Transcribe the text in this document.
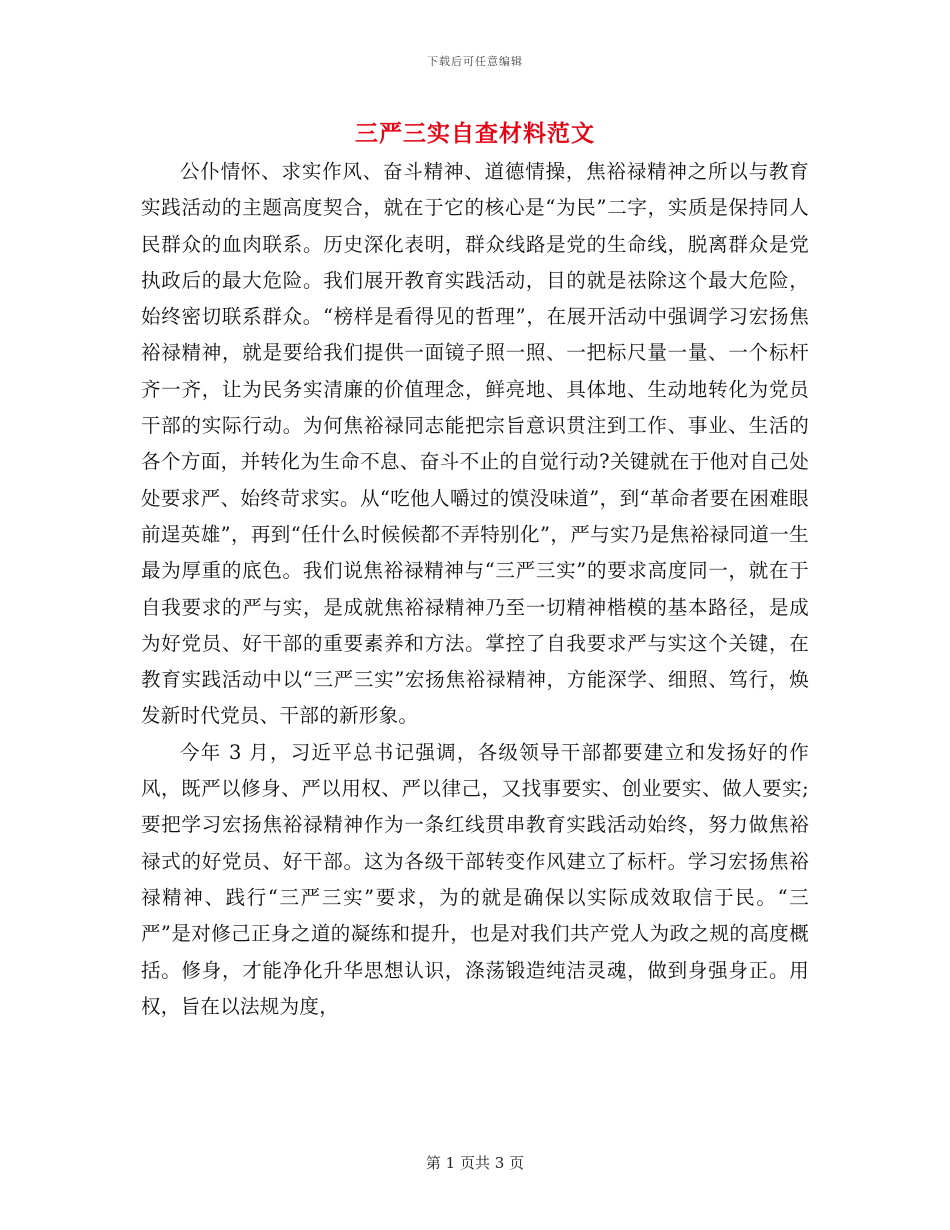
下载后可任意编辑
三严三实自查材料范文

公仆情怀、求实作风、奋斗精神、道德情操，焦裕禄精神之所以与教育实践活动的主题高度契合，就在于它的核心是“为民”二字，实质是保持同人民群众的血肉联系。历史深化表明，群众线路是党的生命线，脱离群众是党执政后的最大危险。我们展开教育实践活动，目的就是祛除这个最大危险，始终密切联系群众。“榜样是看得见的哲理”，在展开活动中强调学习宏扬焦裕禄精神，就是要给我们提供一面镜子照一照、一把标尺量一量、一个标杆齐一齐，让为民务实清廉的价值理念，鲜亮地、具体地、生动地转化为党员干部的实际行动。为何焦裕禄同志能把宗旨意识贯注到工作、事业、生活的各个方面，并转化为生命不息、奋斗不止的自觉行动?关键就在于他对自己处处要求严、始终苛求实。从“吃他人嚼过的馍没味道”，到“革命者要在困难眼前逞英雄”，再到“任什么时候候都不弄特别化”，严与实乃是焦裕禄同道一生最为厚重的底色。我们说焦裕禄精神与“三严三实”的要求高度同一，就在于自我要求的严与实，是成就焦裕禄精神乃至一切精神楷模的基本路径，是成为好党员、好干部的重要素养和方法。掌控了自我要求严与实这个关键，在教育实践活动中以“三严三实”宏扬焦裕禄精神，方能深学、细照、笃行，焕发新时代党员、干部的新形象。

今年 3 月，习近平总书记强调，各级领导干部都要建立和发扬好的作风，既严以修身、严以用权、严以律己，又找事要实、创业要实、做人要实;要把学习宏扬焦裕禄精神作为一条红线贯串教育实践活动始终，努力做焦裕禄式的好党员、好干部。这为各级干部转变作风建立了标杆。学习宏扬焦裕禄精神、践行“三严三实”要求，为的就是确保以实际成效取信于民。“三严”是对修己正身之道的凝练和提升，也是对我们共产党人为政之规的高度概括。修身，才能净化升华思想认识，涤荡锻造纯洁灵魂，做到身强身正。用权，旨在以法规为度，

第 1 页共 3 页
